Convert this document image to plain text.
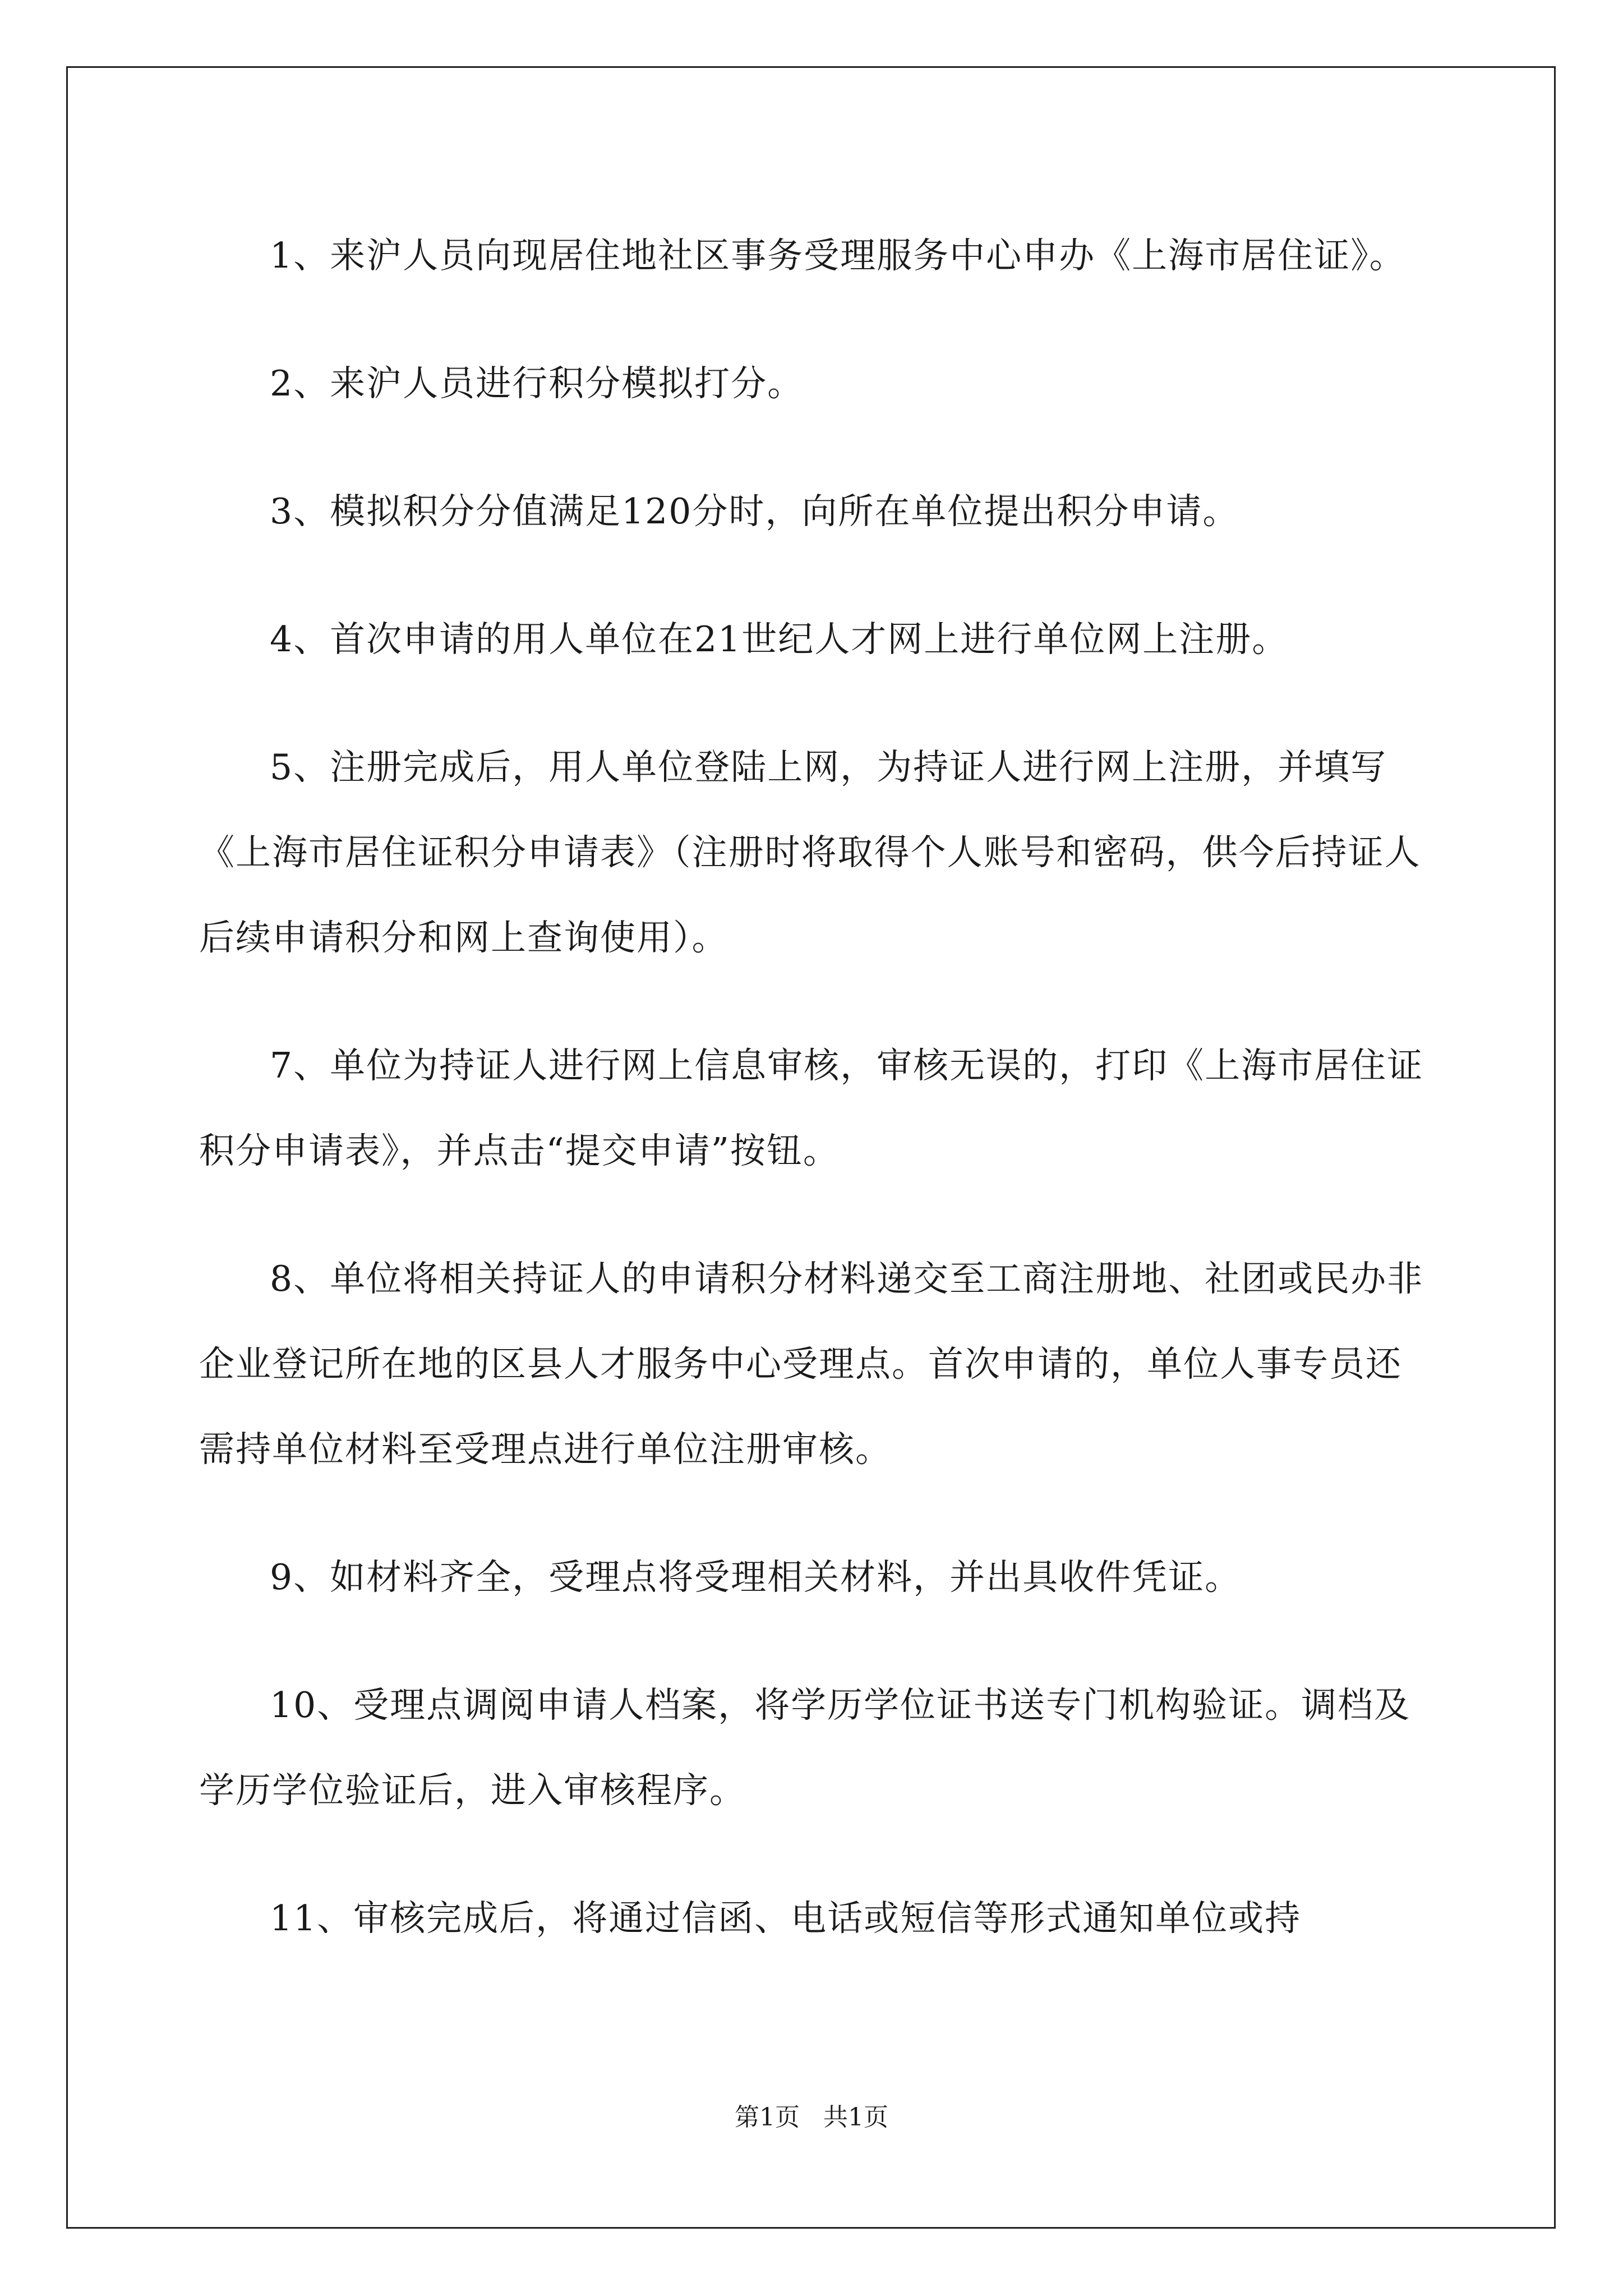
1、来沪人员向现居住地社区事务受理服务中心申办《上海市居住证》。

2、来沪人员进行积分模拟打分。

3、模拟积分分值满足120分时，向所在单位提出积分申请。

4、首次申请的用人单位在21世纪人才网上进行单位网上注册。

5、注册完成后，用人单位登陆上网，为持证人进行网上注册，并填写《上海市居住证积分申请表》（注册时将取得个人账号和密码，供今后持证人后续申请积分和网上查询使用）。

7、单位为持证人进行网上信息审核，审核无误的，打印《上海市居住证积分申请表》，并点击“提交申请”按钮。

8、单位将相关持证人的申请积分材料递交至工商注册地、社团或民办非企业登记所在地的区县人才服务中心受理点。首次申请的，单位人事专员还需持单位材料至受理点进行单位注册审核。

9、如材料齐全，受理点将受理相关材料，并出具收件凭证。

10、受理点调阅申请人档案，将学历学位证书送专门机构验证。调档及学历学位验证后，进入审核程序。

11、审核完成后，将通过信函、电话或短信等形式通知单位或持

第1页   共1页
